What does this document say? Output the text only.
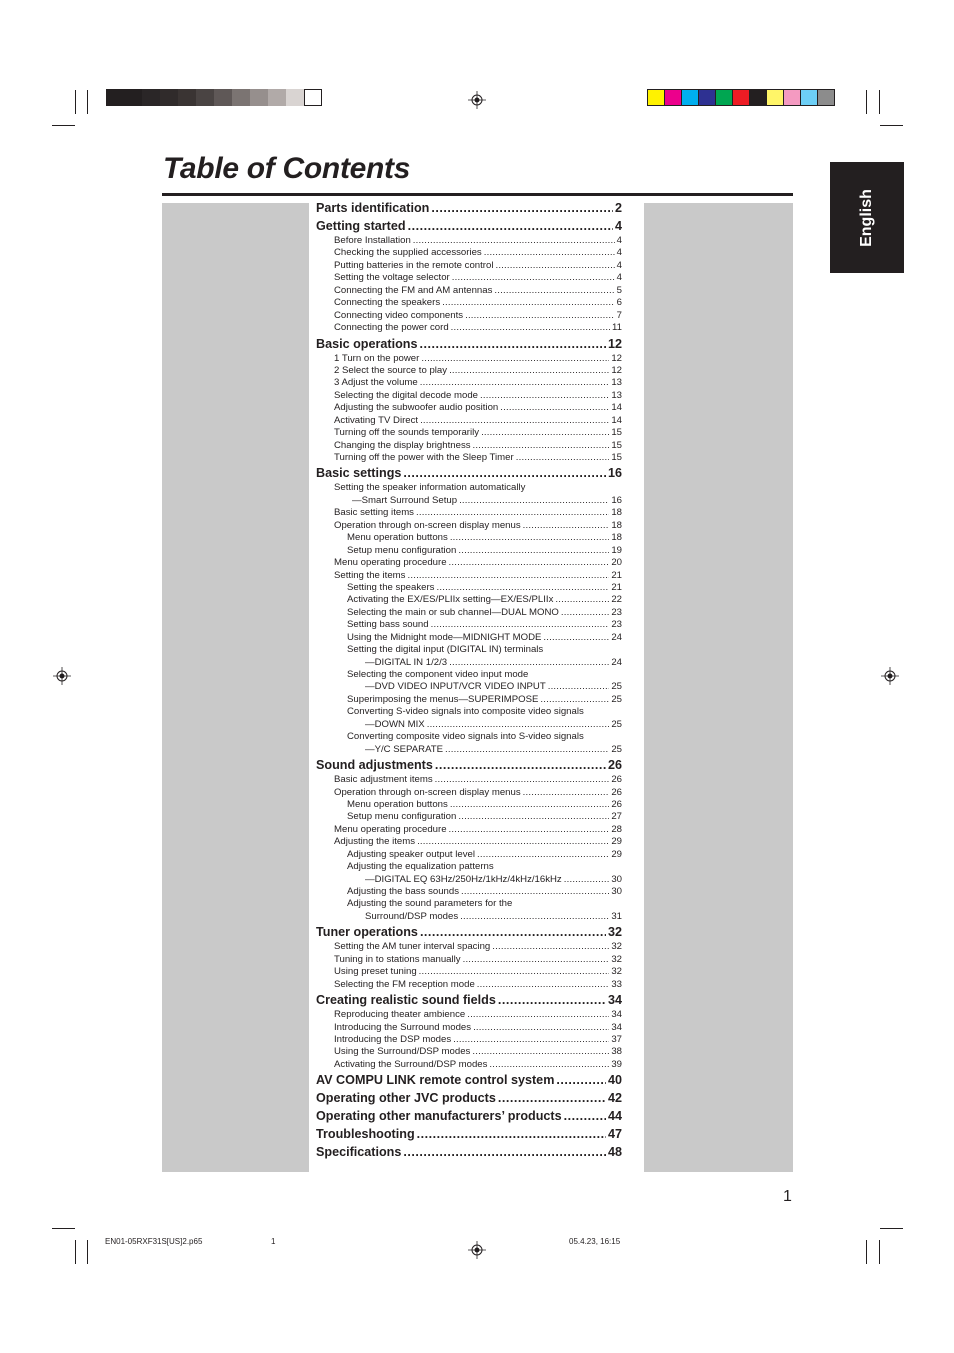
Table of Contents
English
Parts identification .....	2
Getting started .....	4
Before Installation .....	4
Checking the supplied accessories .....	4
Putting batteries in the remote control .....	4
Setting the voltage selector .....	4
Connecting the FM and AM antennas .....	5
Connecting the speakers .....	6
Connecting video components .....	7
Connecting the power cord .....	11
Basic operations .....	12
1 Turn on the power .....	12
2 Select the source to play .....	12
3 Adjust the volume .....	13
Selecting the digital decode mode .....	13
Adjusting the subwoofer audio position .....	14
Activating TV Direct .....	14
Turning off the sounds temporarily .....	15
Changing the display brightness .....	15
Turning off the power with the Sleep Timer .....	15
Basic settings .....	16
Setting the speaker information automatically
—Smart Surround Setup .....	16
Basic setting items .....	18
Operation through on-screen display menus .....	18
Menu operation buttons .....	18
Setup menu configuration .....	19
Menu operating procedure .....	20
Setting the items .....	21
Setting the speakers .....	21
Activating the EX/ES/PLIIx setting—EX/ES/PLIIx .....	22
Selecting the main or sub channel—DUAL MONO .....	23
Setting bass sound .....	23
Using the Midnight mode—MIDNIGHT MODE .....	24
Setting the digital input (DIGITAL IN) terminals
—DIGITAL IN 1/2/3 .....	24
Selecting the component video input mode
—DVD VIDEO INPUT/VCR VIDEO INPUT .....	25
Superimposing the menus—SUPERIMPOSE .....	25
Converting S-video signals into composite video signals
—DOWN MIX .....	25
Converting composite video signals into S-video signals
—Y/C SEPARATE .....	25
Sound adjustments .....	26
Basic adjustment items .....	26
Operation through on-screen display menus .....	26
Menu operation buttons .....	26
Setup menu configuration .....	27
Menu operating procedure .....	28
Adjusting the items .....	29
Adjusting speaker output level .....	29
Adjusting the equalization patterns
—DIGITAL EQ 63Hz/250Hz/1kHz/4kHz/16kHz .....	30
Adjusting the bass sounds .....	30
Adjusting the sound parameters for the
Surround/DSP modes .....	31
Tuner operations .....	32
Setting the AM tuner interval spacing .....	32
Tuning in to stations manually .....	32
Using preset tuning .....	32
Selecting the FM reception mode .....	33
Creating realistic sound fields .....	34
Reproducing theater ambience .....	34
Introducing the Surround modes .....	34
Introducing the DSP modes .....	37
Using the Surround/DSP modes .....	38
Activating the Surround/DSP modes .....	39
AV COMPU LINK remote control system .....	40
Operating other JVC products .....	42
Operating other manufacturers’ products .....	44
Troubleshooting .....	47
Specifications .....	48
1
EN01-05RXF31S[US]2.p65	1	05.4.23, 16:15
